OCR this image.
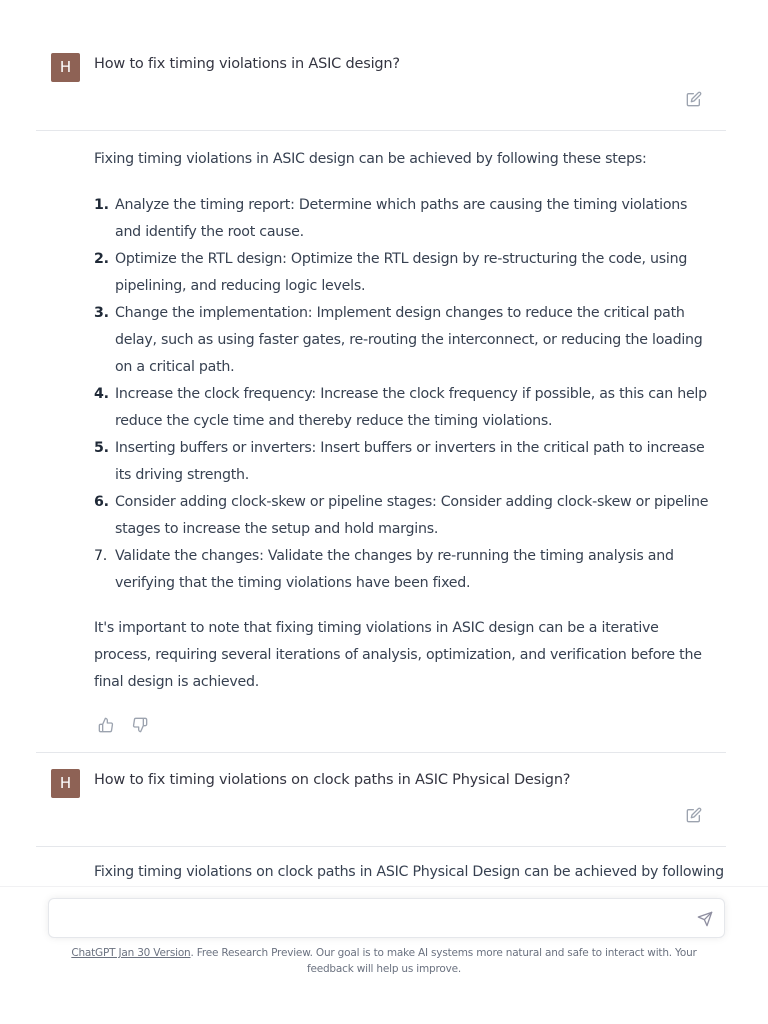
H	How to fix timing violations in ASIC design?
Fixing timing violations in ASIC design can be achieved by following these steps:
1. Analyze the timing report: Determine which paths are causing the timing violations and identify the root cause.
2. Optimize the RTL design: Optimize the RTL design by re-structuring the code, using pipelining, and reducing logic levels.
3. Change the implementation: Implement design changes to reduce the critical path delay, such as using faster gates, re-routing the interconnect, or reducing the loading on a critical path.
4. Increase the clock frequency: Increase the clock frequency if possible, as this can help reduce the cycle time and thereby reduce the timing violations.
5. Inserting buffers or inverters: Insert buffers or inverters in the critical path to increase its driving strength.
6. Consider adding clock-skew or pipeline stages: Consider adding clock-skew or pipeline stages to increase the setup and hold margins.
7. Validate the changes: Validate the changes by re-running the timing analysis and verifying that the timing violations have been fixed.
It's important to note that fixing timing violations in ASIC design can be a iterative process, requiring several iterations of analysis, optimization, and verification before the final design is achieved.
H	How to fix timing violations on clock paths in ASIC Physical Design?
Fixing timing violations on clock paths in ASIC Physical Design can be achieved by following
ChatGPT Jan 30 Version. Free Research Preview. Our goal is to make AI systems more natural and safe to interact with. Your feedback will help us improve.
